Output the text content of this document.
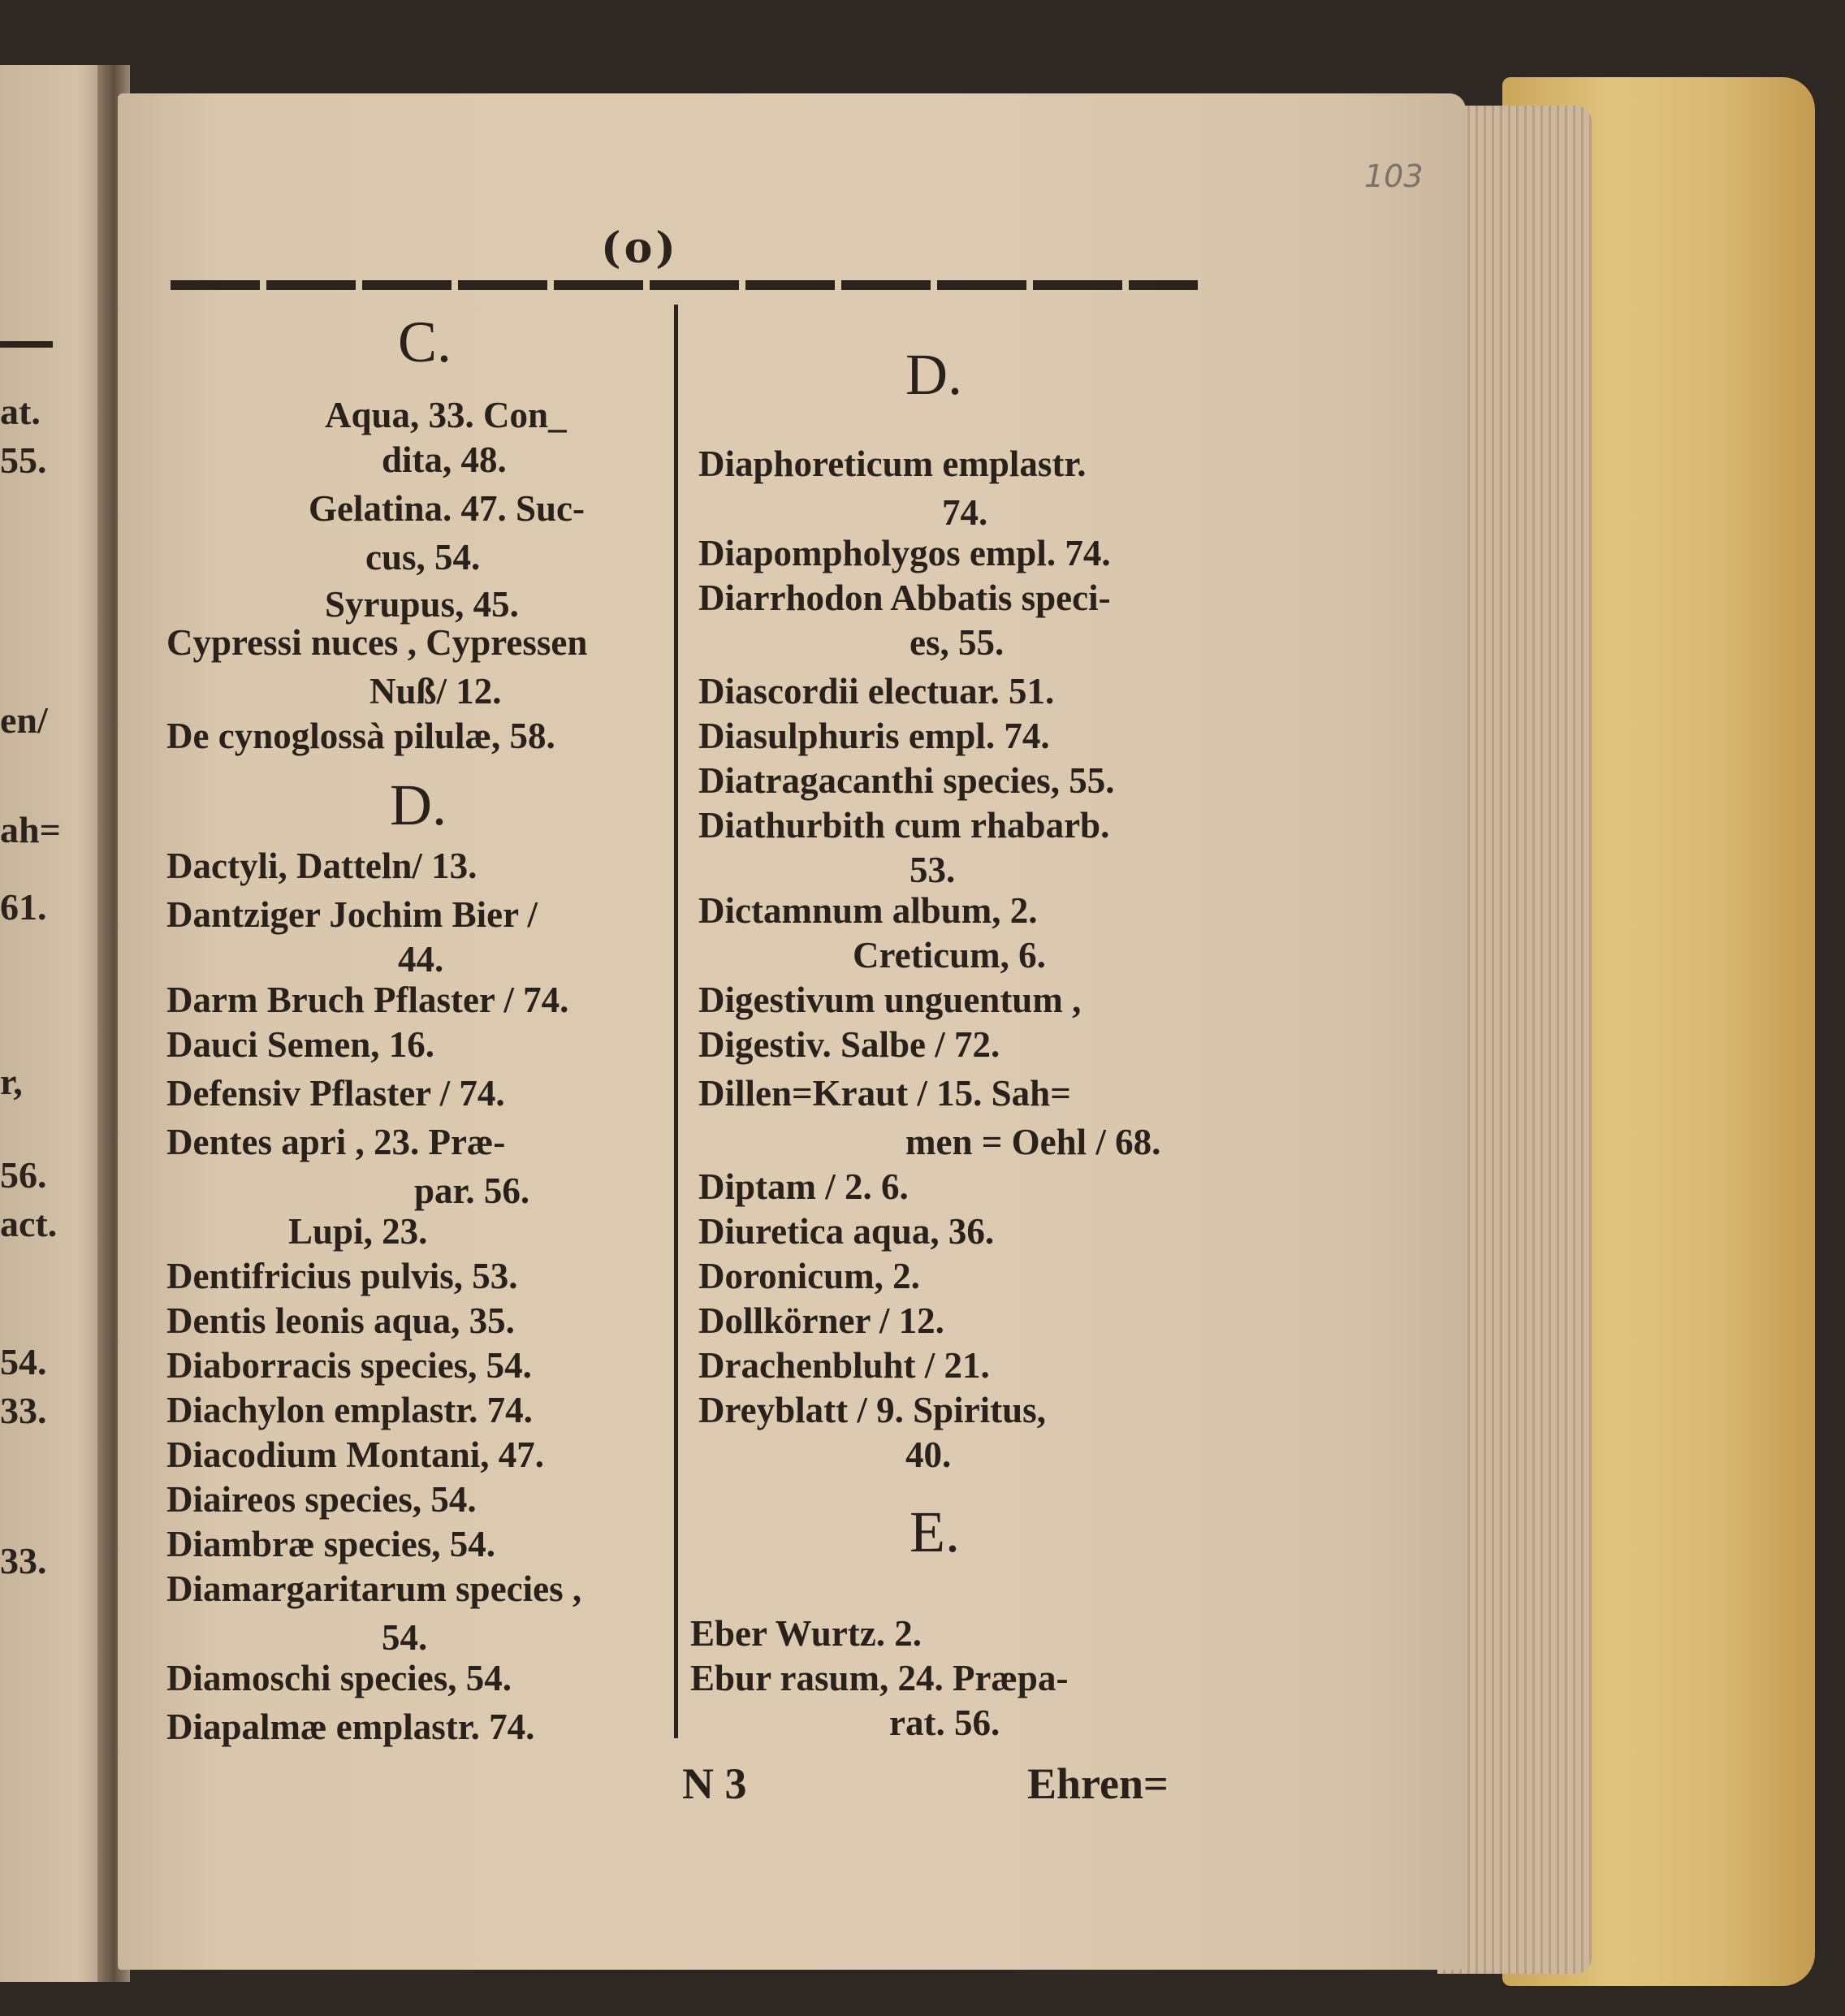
at.
55.
en/
ah=
61.
r,
56.
act.
54.
33.
33.
103
(o)
C.
Aqua, 33. Con_
dita, 48.
Gelatina. 47. Suc-
cus, 54.
Syrupus, 45.
Cypressi nuces , Cypressen
Nuß/ 12.
De cynoglossà pilulæ, 58.
D.
Dactyli, Datteln/ 13.
Dantziger Jochim Bier /
44.
Darm Bruch Pflaster / 74.
Dauci Semen, 16.
Defensiv Pflaster / 74.
Dentes apri , 23. Præ-
par. 56.
Lupi, 23.
Dentifricius pulvis, 53.
Dentis leonis aqua, 35.
Diaborracis species, 54.
Diachylon emplastr. 74.
Diacodium Montani, 47.
Diaireos species, 54.
Diambræ species, 54.
Diamargaritarum species ,
54.
Diamoschi species, 54.
Diapalmæ emplastr. 74.
D.
Diaphoreticum emplastr.
74.
Diapompholygos empl. 74.
Diarrhodon Abbatis speci-
es, 55.
Diascordii electuar. 51.
Diasulphuris empl. 74.
Diatragacanthi species, 55.
Diathurbith cum rhabarb.
53.
Dictamnum album, 2.
Creticum, 6.
Digestivum unguentum ,
Digestiv. Salbe / 72.
Dillen=Kraut / 15. Sah=
men = Oehl / 68.
Diptam / 2. 6.
Diuretica aqua, 36.
Doronicum, 2.
Dollkörner / 12.
Drachenbluht / 21.
Dreyblatt / 9. Spiritus,
40.
E.
Eber Wurtz. 2.
Ebur rasum, 24. Præpa-
rat. 56.
N 3	Ehren=
